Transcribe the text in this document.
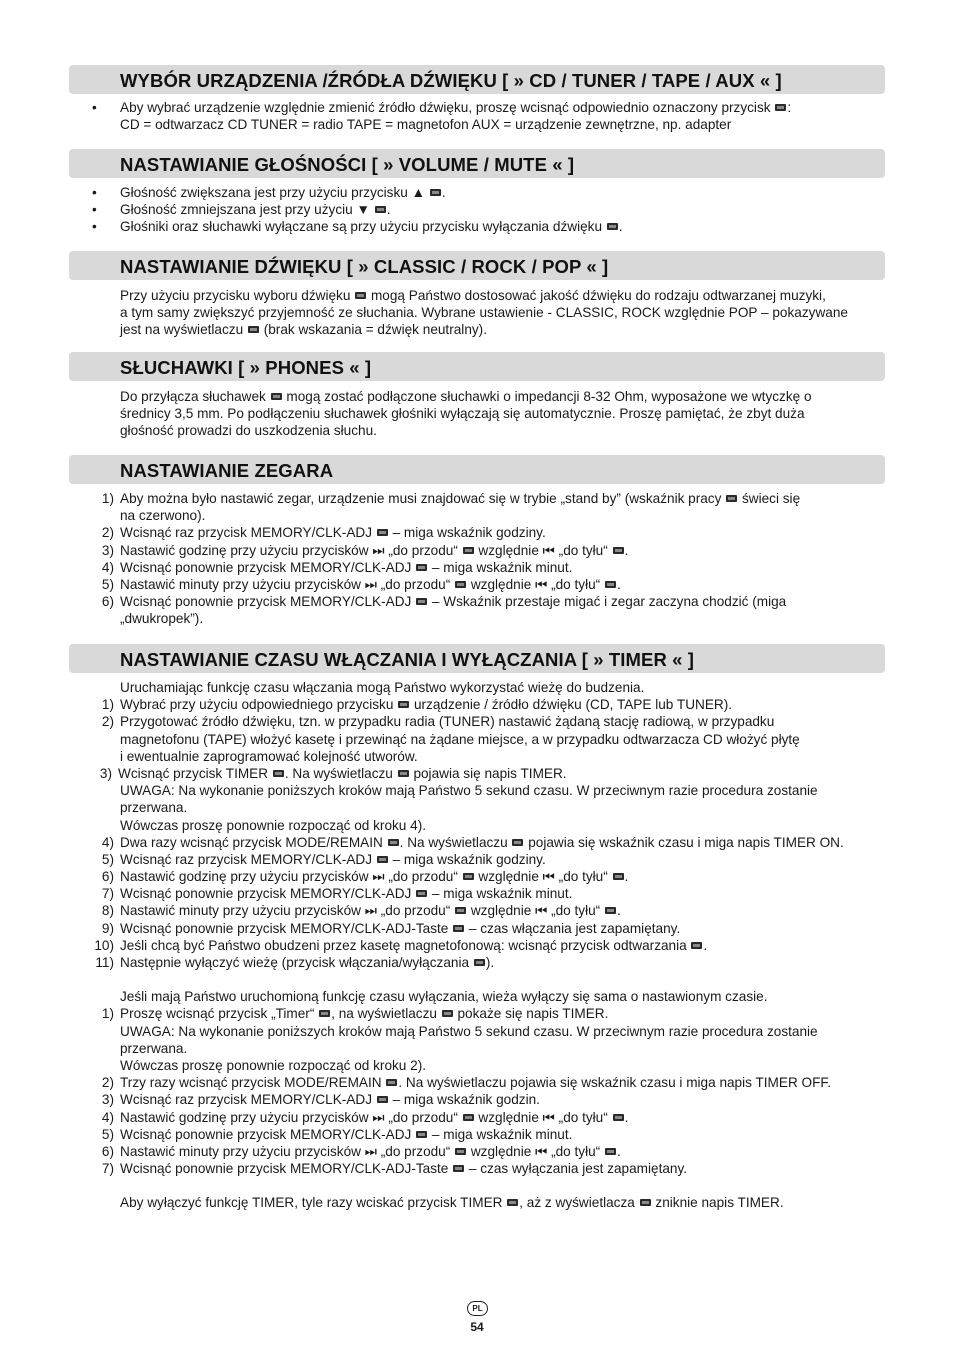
WYBÓR URZĄDZENIA /ŹRÓDŁA DŹWIĘKU [ » CD / TUNER / TAPE / AUX « ]
• Aby wybrać urządzenie względnie zmienić źródło dźwięku, proszę wcisnąć odpowiednio oznaczony przycisk :
CD = odtwarzacz CD TUNER = radio TAPE = magnetofon AUX = urządzenie zewnętrzne, np. adapter
NASTAWIANIE GŁOŚNOŚCI [ » VOLUME / MUTE « ]
• Głośność zwiększana jest przy użyciu przycisku ▲ .
• Głośność zmniejszana jest przy użyciu ▼ .
• Głośniki oraz słuchawki wyłączane są przy użyciu przycisku wyłączania dźwięku .
NASTAWIANIE DŹWIĘKU [ » CLASSIC / ROCK / POP « ]
Przy użyciu przycisku wyboru dźwięku mogą Państwo dostosować jakość dźwięku do rodzaju odtwarzanej muzyki,
a tym samy zwiększyć przyjemność ze słuchania. Wybrane ustawienie - CLASSIC, ROCK względnie POP – pokazywane
jest na wyświetlaczu (brak wskazania = dźwięk neutralny).
SŁUCHAWKI [ » PHONES « ]
Do przyłącza słuchawek mogą zostać podłączone słuchawki o impedancji 8-32 Ohm, wyposażone we wtyczkę o
średnicy 3,5 mm. Po podłączeniu słuchawek głośniki wyłączają się automatycznie. Proszę pamiętać, że zbyt duża
głośność prowadzi do uszkodzenia słuchu.
NASTAWIANIE ZEGARA
1) Aby można było nastawić zegar, urządzenie musi znajdować się w trybie „stand by” (wskaźnik pracy świeci się
na czerwono).
2) Wcisnąć raz przycisk MEMORY/CLK-ADJ – miga wskaźnik godziny.
3) Nastawić godzinę przy użyciu przycisków ⏭ „do przodu“ względnie ⏮ „do tyłu“ .
4) Wcisnąć ponownie przycisk MEMORY/CLK-ADJ – miga wskaźnik minut.
5) Nastawić minuty przy użyciu przycisków ⏭ „do przodu“ względnie ⏮ „do tyłu“ .
6) Wcisnąć ponownie przycisk MEMORY/CLK-ADJ – Wskaźnik przestaje migać i zegar zaczyna chodzić (miga
„dwukropek”).
NASTAWIANIE CZASU WŁĄCZANIA I WYŁĄCZANIA [ » TIMER « ]
Uruchamiając funkcję czasu włączania mogą Państwo wykorzystać wieżę do budzenia.
1) Wybrać przy użyciu odpowiedniego przycisku urządzenie / źródło dźwięku (CD, TAPE lub TUNER).
2) Przygotować źródło dźwięku, tzn. w przypadku radia (TUNER) nastawić żądaną stację radiową, w przypadku
magnetofonu (TAPE) włożyć kasetę i przewinąć na żądane miejsce, a w przypadku odtwarzacza CD włożyć płytę
i ewentualnie zaprogramować kolejność utworów.
3) Wcisnąć przycisk TIMER . Na wyświetlaczu pojawia się napis TIMER.
UWAGA: Na wykonanie poniższych kroków mają Państwo 5 sekund czasu. W przeciwnym razie procedura zostanie
przerwana.
Wówczas proszę ponownie rozpocząć od kroku 4).
4) Dwa razy wcisnąć przycisk MODE/REMAIN . Na wyświetlaczu pojawia się wskaźnik czasu i miga napis TIMER ON.
5) Wcisnąć raz przycisk MEMORY/CLK-ADJ – miga wskaźnik godziny.
6) Nastawić godzinę przy użyciu przycisków ⏭ „do przodu“ względnie ⏮ „do tyłu“ .
7) Wcisnąć ponownie przycisk MEMORY/CLK-ADJ – miga wskaźnik minut.
8) Nastawić minuty przy użyciu przycisków ⏭ „do przodu“ względnie ⏮ „do tyłu“ .
9) Wcisnąć ponownie przycisk MEMORY/CLK-ADJ-Taste – czas włączania jest zapamiętany.
10) Jeśli chcą być Państwo obudzeni przez kasetę magnetofonową: wcisnąć przycisk odtwarzania .
11) Następnie wyłączyć wieżę (przycisk włączania/wyłączania ).
Jeśli mają Państwo uruchomioną funkcję czasu wyłączania, wieża wyłączy się sama o nastawionym czasie.
1) Proszę wcisnąć przycisk „Timer“ , na wyświetlaczu pokaże się napis TIMER.
UWAGA: Na wykonanie poniższych kroków mają Państwo 5 sekund czasu. W przeciwnym razie procedura zostanie
przerwana.
Wówczas proszę ponownie rozpocząć od kroku 2).
2) Trzy razy wcisnąć przycisk MODE/REMAIN . Na wyświetlaczu pojawia się wskaźnik czasu i miga napis TIMER OFF.
3) Wcisnąć raz przycisk MEMORY/CLK-ADJ – miga wskaźnik godzin.
4) Nastawić godzinę przy użyciu przycisków ⏭ „do przodu“ względnie ⏮ „do tyłu“ .
5) Wcisnąć ponownie przycisk MEMORY/CLK-ADJ – miga wskaźnik minut.
6) Nastawić minuty przy użyciu przycisków ⏭ „do przodu“ względnie ⏮ „do tyłu“ .
7) Wcisnąć ponownie przycisk MEMORY/CLK-ADJ-Taste – czas wyłączania jest zapamiętany.
Aby wyłączyć funkcję TIMER, tyle razy wciskać przycisk TIMER , aż z wyświetlacza zniknie napis TIMER.
PL
54
